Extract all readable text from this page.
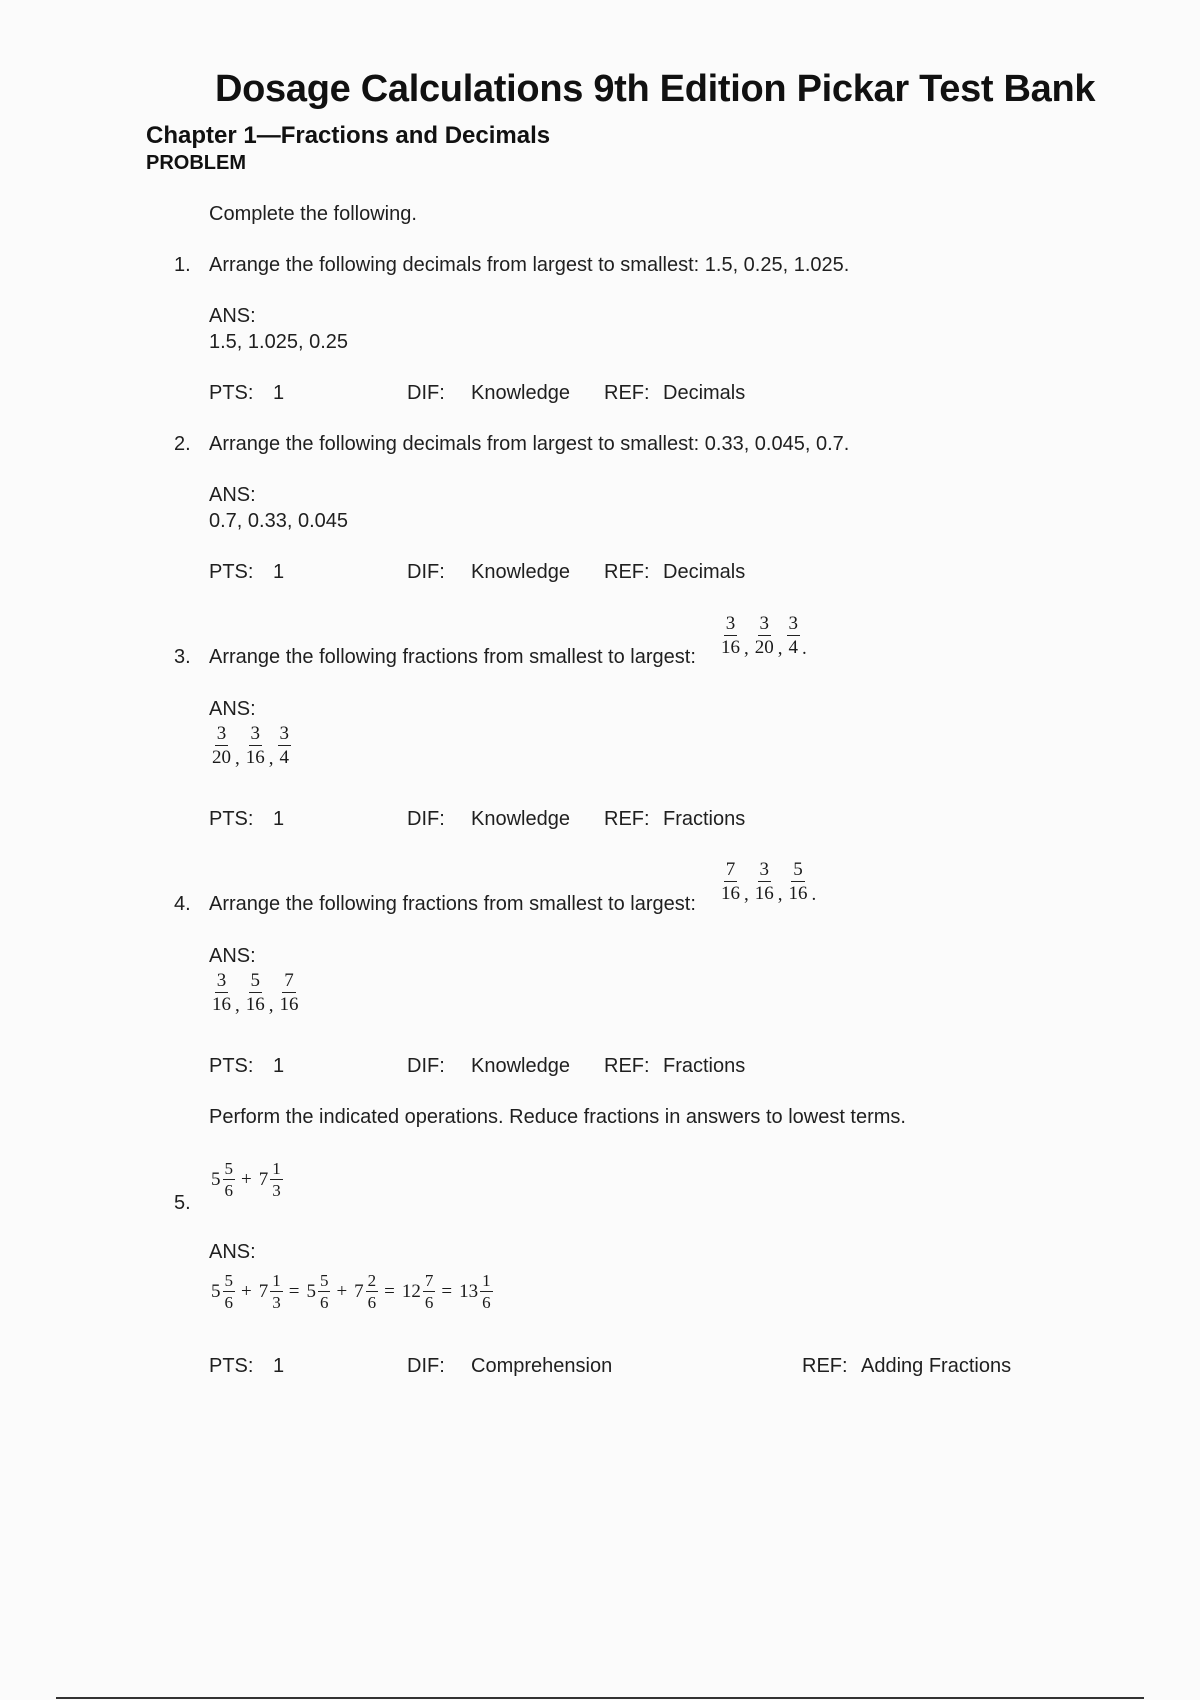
Dosage Calculations 9th Edition Pickar Test Bank
Chapter 1—Fractions and Decimals
PROBLEM
Complete the following.
1. Arrange the following decimals from largest to smallest: 1.5, 0.25, 1.025.
ANS:
1.5, 1.025, 0.25
PTS: 1	DIF: Knowledge REF: Decimals
2. Arrange the following decimals from largest to smallest: 0.33, 0.045, 0.7.
ANS:
0.7, 0.33, 0.045
PTS: 1	DIF: Knowledge REF: Decimals
3. Arrange the following fractions from smallest to largest: $\frac{3}{16}$ , $\frac{3}{20}$ , $\frac{3}{4}$ .
ANS:
$\frac{3}{20}$ , $\frac{3}{16}$ , $\frac{3}{4}$
PTS: 1	DIF: Knowledge REF: Fractions
4. Arrange the following fractions from smallest to largest:
$\frac{7}{16}$ , $\frac{3}{16}$ , $\frac{5}{16}$ .
ANS:
$\frac{3}{16}$ , $\frac{5}{16}$ , $\frac{7}{16}$
PTS: 1	DIF: Knowledge REF: Fractions
Perform the indicated operations. Reduce fractions in answers to lowest terms.
5.
$5 \frac{5}{6} + 7 \frac{1}{3}$
ANS:
$5 \frac{5}{6} + 7 \frac{1}{3} = 5 \frac{5}{6} + 7 \frac{2}{6} = 12 \frac{7}{6} = 13 \frac{1}{6}$
PTS: 1	DIF: Comprehension	REF: Adding Fractions
